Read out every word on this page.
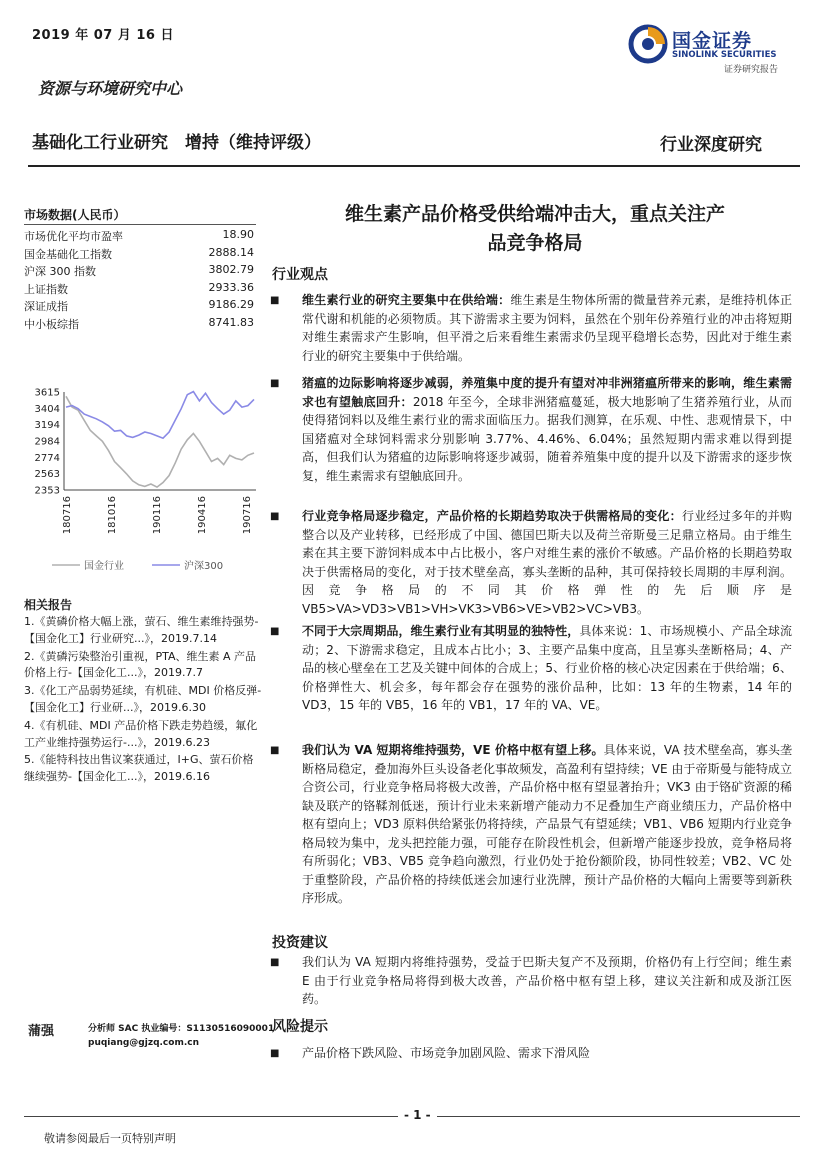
2019 年 07 月 16 日	国金证券
SINOLINK SECURITIES
证券研究报告
资源与环境研究中心
基础化工行业研究　增持（维持评级）	行业深度研究
市场数据(人民币）
市场优化平均市盈率	18.90
国金基础化工指数	2888.14
沪深 300 指数	3802.79
上证指数	2933.36
深证成指	9186.29
中小板综指	8741.83
3615
3404
3194
2984
2774
2563
2353
180716	181016	190116	190416	190716
国金行业	沪深300
相关报告

1.《黄磷价格大幅上涨，萤石、维生素维持强势-【国金化工】行业研究...》，2019.7.14

2.《黄磷污染整治引重视，PTA、维生素 A 产品价格上行-【国金化工...》，2019.7.7

3.《化工产品弱势延续，有机硅、MDI 价格反弹-【国金化工】行业研...》，2019.6.30

4.《有机硅、MDI 产品价格下跌走势趋缓，氟化工产业维持强势运行-...》，2019.6.23

5.《能特科技出售议案获通过，I+G、萤石价格继续强势-【国金化工...》，2019.6.16

蒲强	分析师 SAC 执业编号：S1130516090001
puqiang@gjzq.com.cn
维生素产品价格受供给端冲击大，重点关注产
品竞争格局
行业观点
■ 维生素行业的研究主要集中在供给端：维生素是生物体所需的微量营养元素，是维持机体正常代谢和机能的必须物质。其下游需求主要为饲料，虽然在个别年份养殖行业的冲击将短期对维生素需求产生影响，但平滑之后来看维生素需求仍呈现平稳增长态势，因此对于维生素行业的研究主要集中于供给端。
■ 猪瘟的边际影响将逐步减弱，养殖集中度的提升有望对冲非洲猪瘟所带来的影响，维生素需求也有望触底回升：2018 年至今，全球非洲猪瘟蔓延，极大地影响了生猪养殖行业，从而使得猪饲料以及维生素行业的需求面临压力。据我们测算，在乐观、中性、悲观情景下，中国猪瘟对全球饲料需求分别影响 3.77%、4.46%、6.04%；虽然短期内需求难以得到提高，但我们认为猪瘟的边际影响将逐步减弱，随着养殖集中度的提升以及下游需求的逐步恢复，维生素需求有望触底回升。
■ 行业竞争格局逐步稳定，产品价格的长期趋势取决于供需格局的变化：行业经过多年的并购整合以及产业转移，已经形成了中国、德国巴斯夫以及荷兰帝斯曼三足鼎立格局。由于维生素在其主要下游饲料成本中占比极小，客户对维生素的涨价不敏感。产品价格的长期趋势取决于供需格局的变化，对于技术壁垒高，寡头垄断的品种，其可保持较长周期的丰厚利润。因竞争格局的不同其价格弹性的先后顺序是 VB5>VA>VD3>VB1>VH>VK3>VB6>VE>VB2>VC>VB3。
■ 不同于大宗周期品，维生素行业有其明显的独特性，具体来说：1、市场规模小、产品全球流动；2、下游需求稳定，且成本占比小；3、主要产品集中度高，且呈寡头垄断格局；4、产品的核心壁垒在工艺及关键中间体的合成上；5、行业价格的核心决定因素在于供给端；6、价格弹性大、机会多，每年都会存在强势的涨价品种，比如：13 年的生物素，14 年的 VD3，15 年的 VB5，16 年的 VB1，17 年的 VA、VE。
■ 我们认为 VA 短期将维持强势，VE 价格中枢有望上移。具体来说，VA 技术壁垒高，寡头垄断格局稳定，叠加海外巨头设备老化事故频发，高盈利有望持续；VE 由于帝斯曼与能特成立合资公司，行业竞争格局将极大改善，产品价格中枢有望显著抬升；VK3 由于铬矿资源的稀缺及联产的铬鞣剂低迷，预计行业未来新增产能动力不足叠加生产商业绩压力，产品价格中枢有望向上；VD3 原料供给紧张仍将持续，产品景气有望延续；VB1、VB6 短期内行业竞争格局较为集中，龙头把控能力强，可能存在阶段性机会，但新增产能逐步投放，竞争格局将有所弱化；VB3、VB5 竞争趋向激烈，行业仍处于抢份额阶段，协同性较差；VB2、VC 处于重整阶段，产品价格的持续低迷会加速行业洗牌，预计产品价格的大幅向上需要等到新秩序形成。
投资建议
■ 我们认为 VA 短期内将维持强势，受益于巴斯夫复产不及预期，价格仍有上行空间；维生素 E 由于行业竞争格局将得到极大改善，产品价格中枢有望上移，建议关注新和成及浙江医药。
风险提示
■ 产品价格下跌风险、市场竞争加剧风险、需求下滑风险
- 1 -
敬请参阅最后一页特别声明
